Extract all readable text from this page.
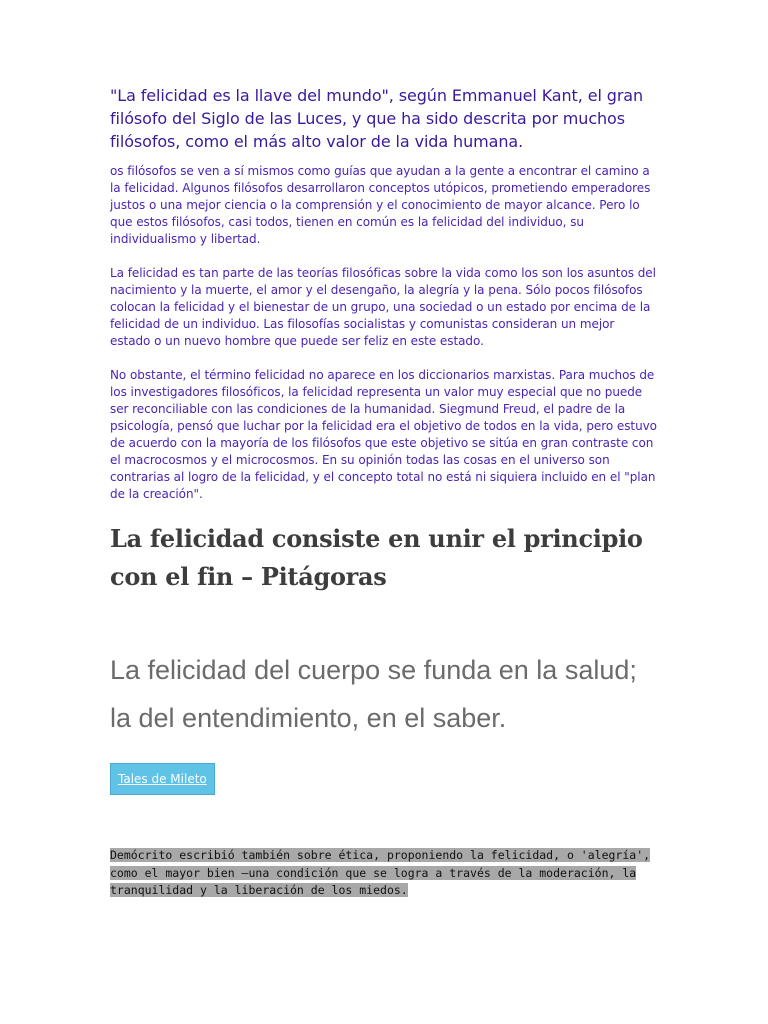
"La felicidad es la llave del mundo", según Emmanuel Kant, el gran filósofo del Siglo de las Luces, y que ha sido descrita por muchos filósofos, como el más alto valor de la vida humana.

os filósofos se ven a sí mismos como guías que ayudan a la gente a encontrar el camino a la felicidad. Algunos filósofos desarrollaron conceptos utópicos, prometiendo emperadores justos o una mejor ciencia o la comprensión y el conocimiento de mayor alcance. Pero lo que estos filósofos, casi todos, tienen en común es la felicidad del individuo, su individualismo y libertad.

La felicidad es tan parte de las teorías filosóficas sobre la vida como los son los asuntos del nacimiento y la muerte, el amor y el desengaño, la alegría y la pena. Sólo pocos filósofos colocan la felicidad y el bienestar de un grupo, una sociedad o un estado por encima de la felicidad de un individuo. Las filosofías socialistas y comunistas consideran un mejor estado o un nuevo hombre que puede ser feliz en este estado.

No obstante, el término felicidad no aparece en los diccionarios marxistas. Para muchos de los investigadores filosóficos, la felicidad representa un valor muy especial que no puede ser reconciliable con las condiciones de la humanidad. Siegmund Freud, el padre de la psicología, pensó que luchar por la felicidad era el objetivo de todos en la vida, pero estuvo de acuerdo con la mayoría de los filósofos que este objetivo se sitúa en gran contraste con el macrocosmos y el microcosmos. En su opinión todas las cosas en el universo son contrarias al logro de la felicidad, y el concepto total no está ni siquiera incluido en el "plan de la creación".

La felicidad consiste en unir el principio con el fin – Pitágoras

La felicidad del cuerpo se funda en la salud; la del entendimiento, en el saber.

Tales de Mileto

Demócrito escribió también sobre ética, proponiendo la felicidad, o 'alegría', como el mayor bien —una condición que se logra a través de la moderación, la tranquilidad y la liberación de los miedos.
